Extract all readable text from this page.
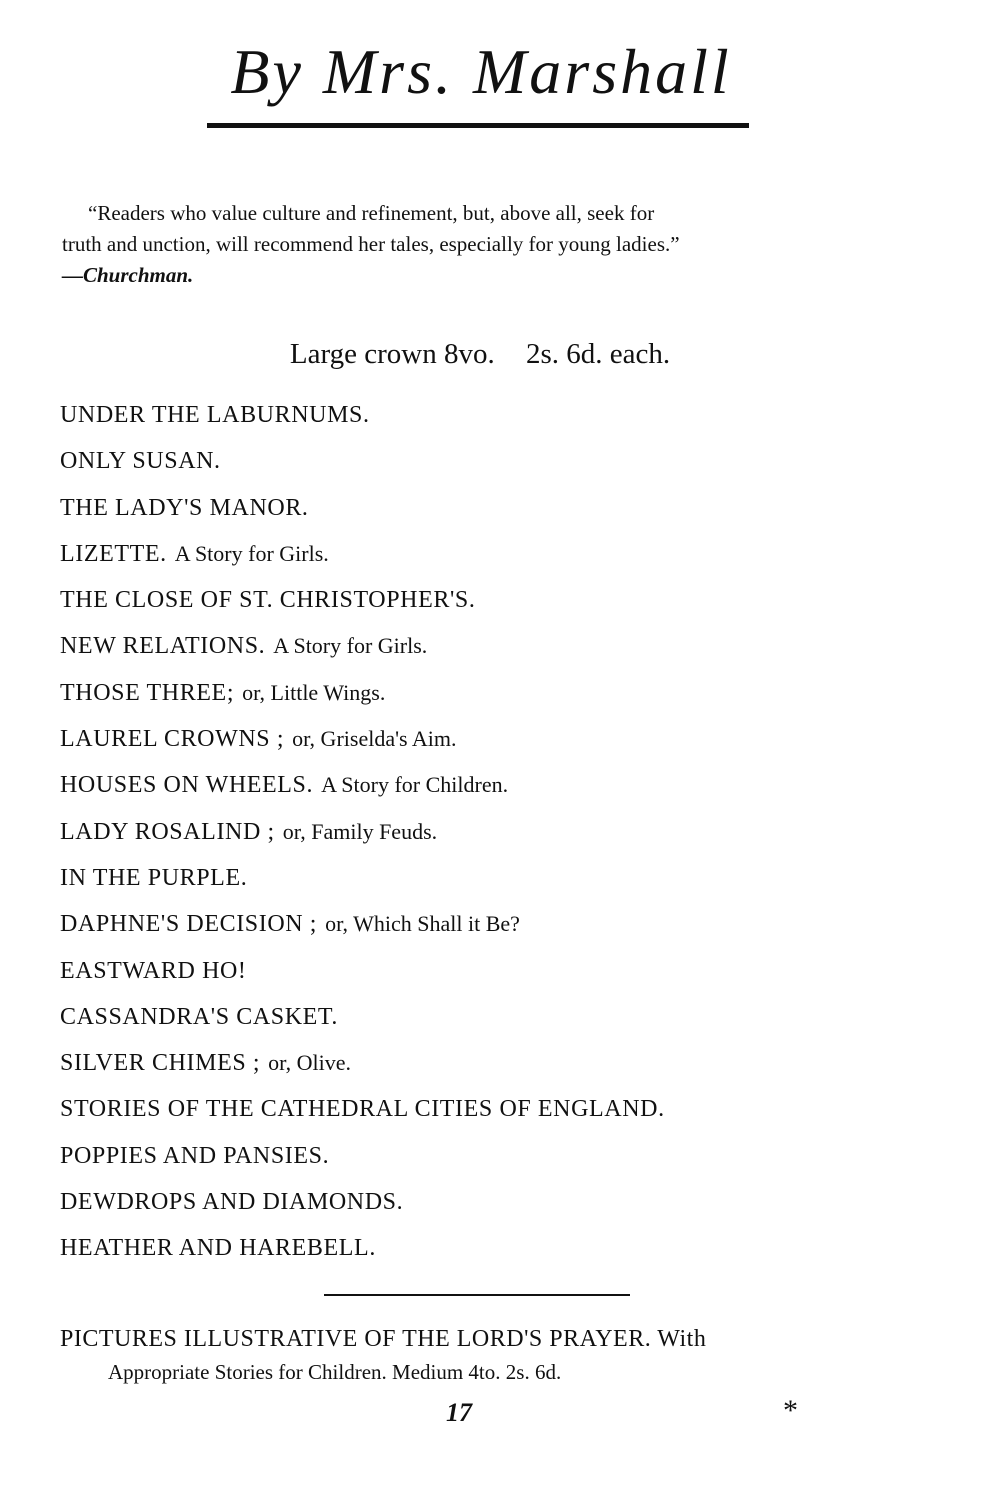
By Mrs. Marshall
“Readers who value culture and refinement, but, above all, seek for
truth and unction, will recommend her tales, especially for young ladies.”
—Churchman.
Large crown 8vo. 2s. 6d. each.
UNDER THE LABURNUMS.
ONLY SUSAN.
THE LADY'S MANOR.
LIZETTE. A Story for Girls.
THE CLOSE OF ST. CHRISTOPHER'S.
NEW RELATIONS. A Story for Girls.
THOSE THREE; or, Little Wings.
LAUREL CROWNS ; or, Griselda's Aim.
HOUSES ON WHEELS. A Story for Children.
LADY ROSALIND ; or, Family Feuds.
IN THE PURPLE.
DAPHNE'S DECISION ; or, Which Shall it Be?
EASTWARD HO!
CASSANDRA'S CASKET.
SILVER CHIMES ; or, Olive.
STORIES OF THE CATHEDRAL CITIES OF ENGLAND.
POPPIES AND PANSIES.
DEWDROPS AND DIAMONDS.
HEATHER AND HAREBELL.
PICTURES ILLUSTRATIVE OF THE LORD'S PRAYER. With
Appropriate Stories for Children. Medium 4to. 2s. 6d.
17	*
